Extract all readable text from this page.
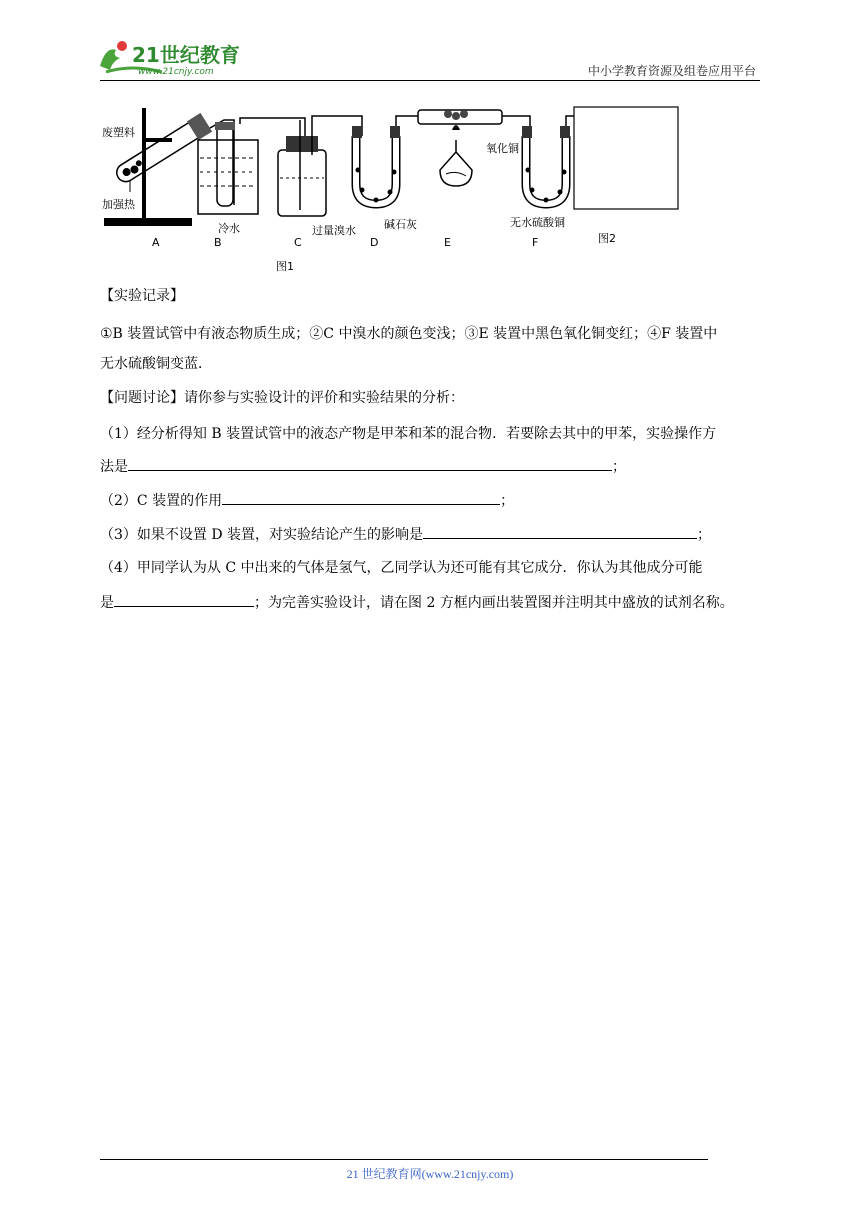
21世纪教育
www.21cnjy.com	中小学教育资源及组卷应用平台
废塑料
加强热
冷水	过量溴水	碱石灰
氧化铜
无水硫酸铜
A	B	C	D	E	F	图2
图1
【实验记录】
①B 装置试管中有液态物质生成；②C 中溴水的颜色变浅；③E 装置中黑色氧化铜变红；④F 装置中
无水硫酸铜变蓝．
【问题讨论】请你参与实验设计的评价和实验结果的分析：
（1）经分析得知 B 装置试管中的液态产物是甲苯和苯的混合物．若要除去其中的甲苯，实验操作方
法是	；
（2）C 装置的作用	；
（3）如果不设置 D 装置，对实验结论产生的影响是	；
（4）甲同学认为从 C 中出来的气体是氢气，乙同学认为还可能有其它成分．你认为其他成分可能
是	；为完善实验设计，请在图 2 方框内画出装置图并注明其中盛放的试剂名称。
21 世纪教育网(www.21cnjy.com)
